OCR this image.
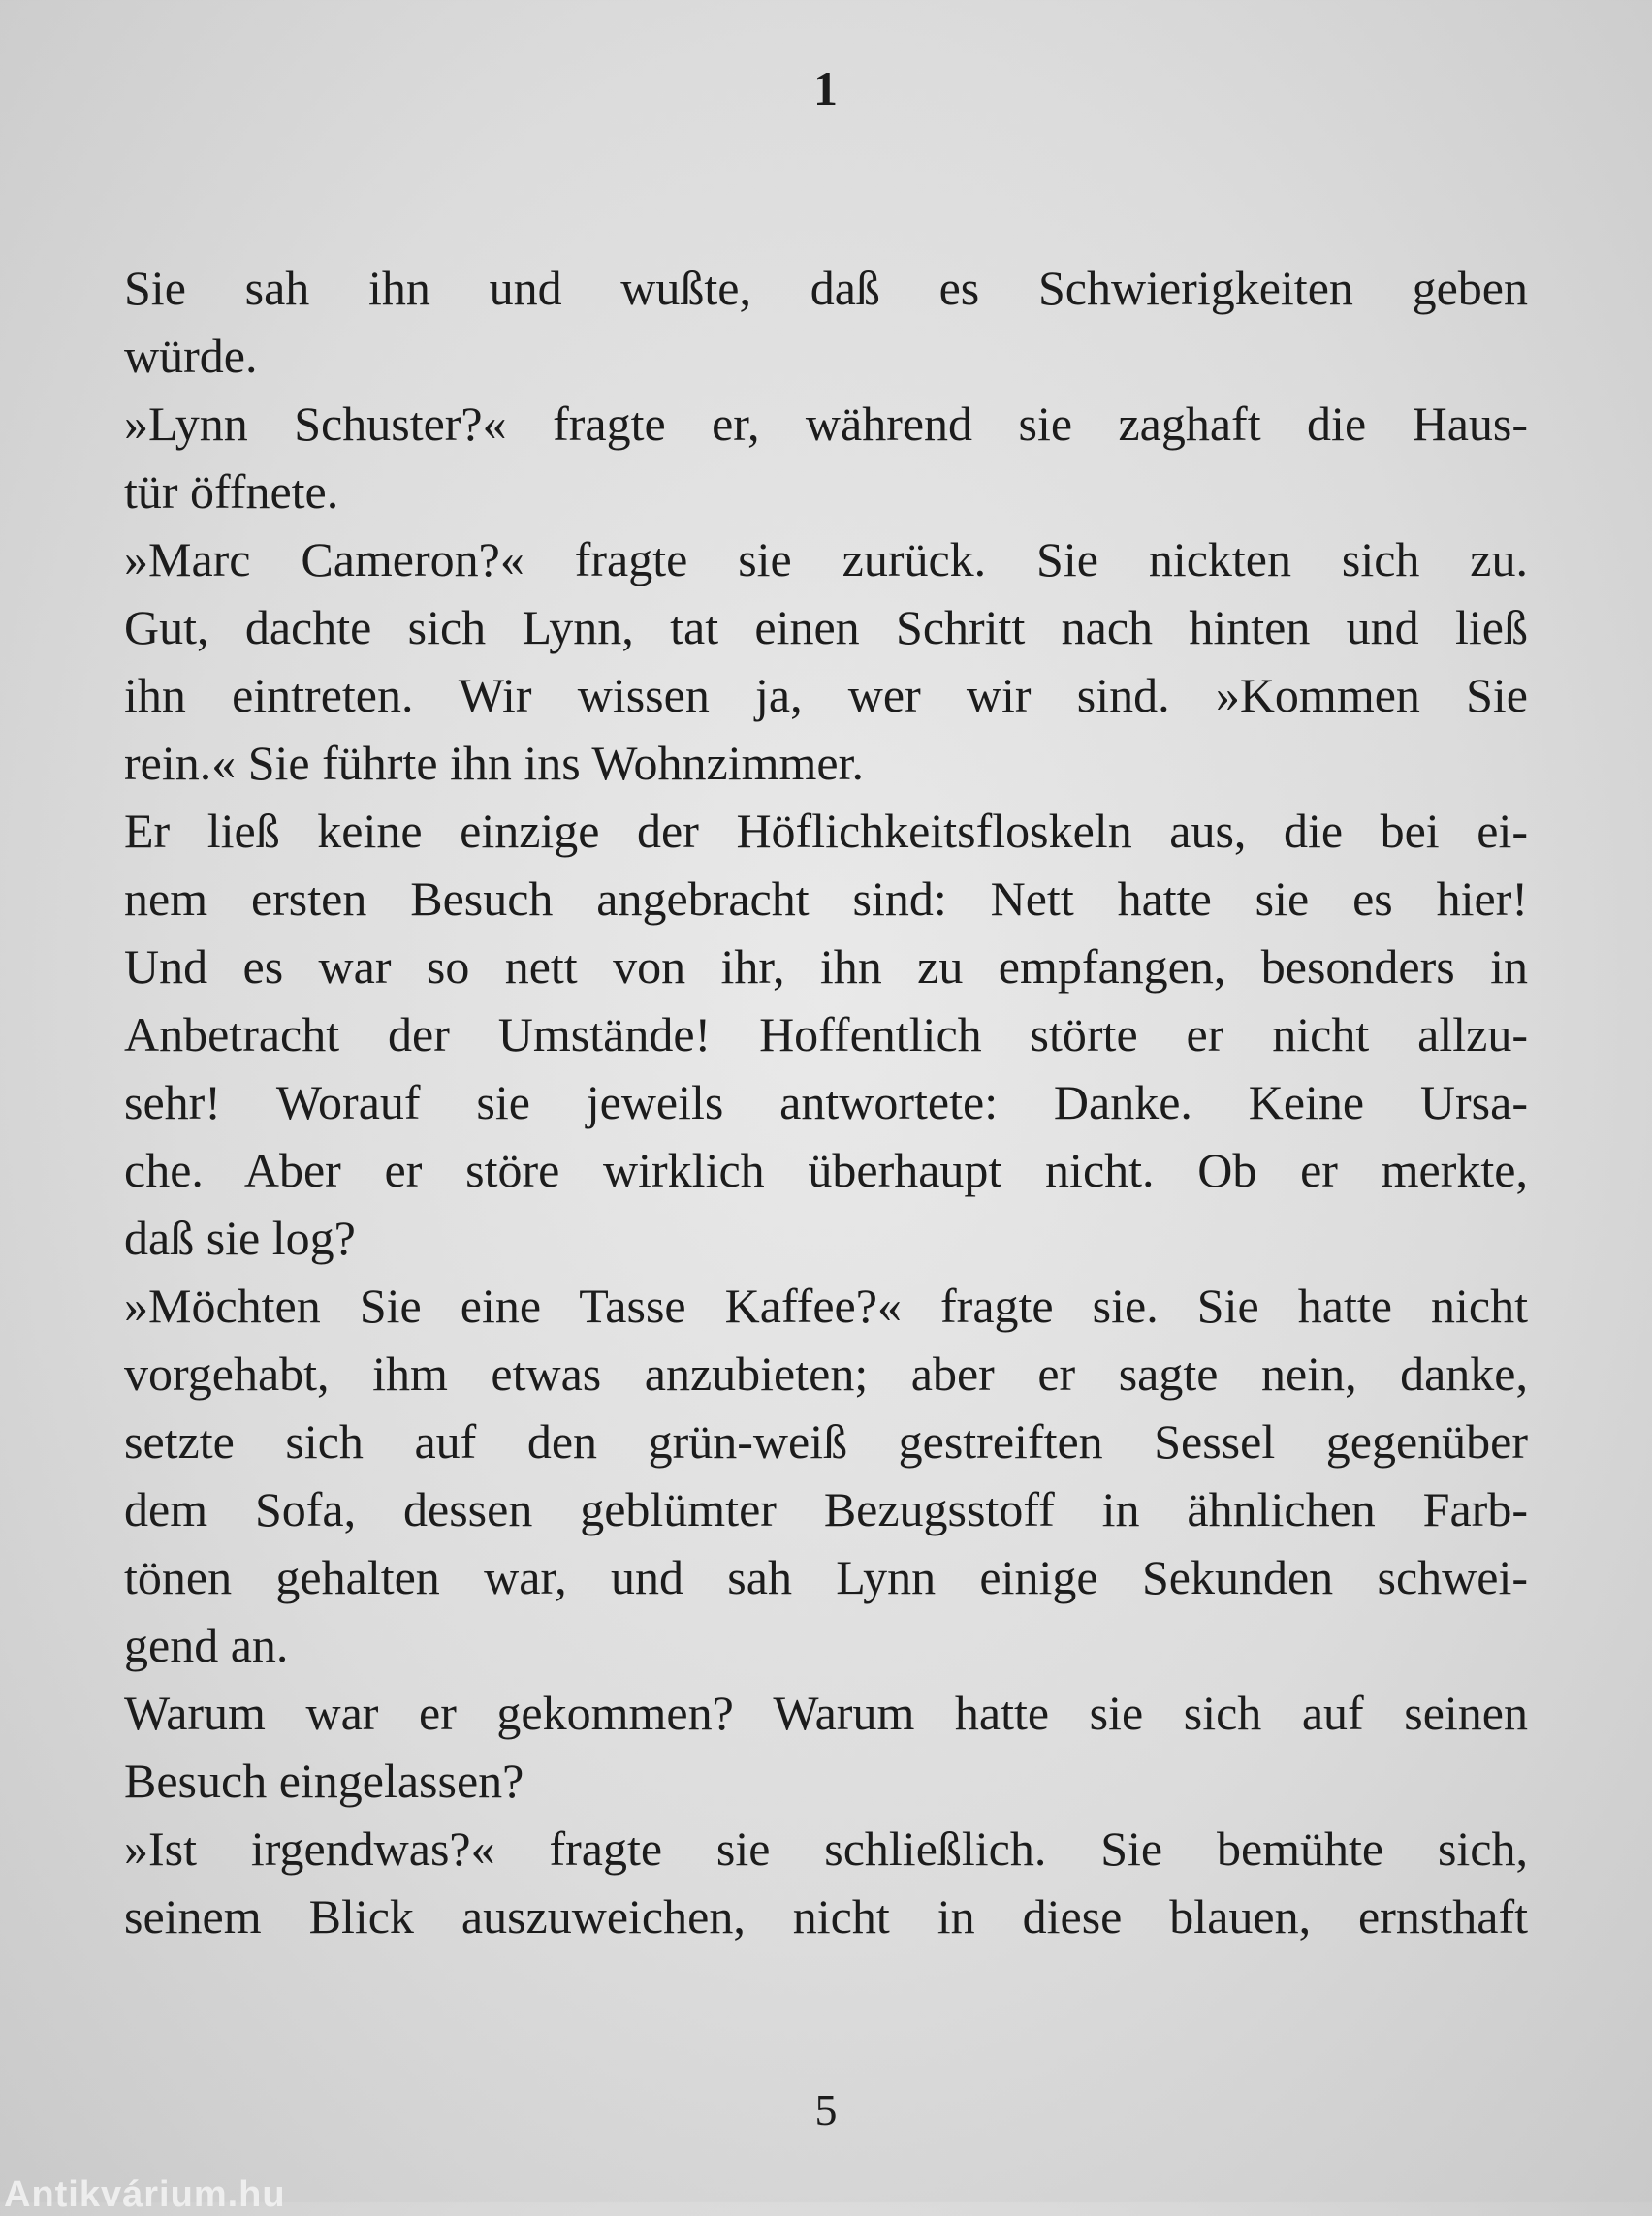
1
Sie sah ihn und wußte, daß es Schwierigkeiten geben
würde.
»Lynn Schuster?« fragte er, während sie zaghaft die Haus-
tür öffnete.
»Marc Cameron?« fragte sie zurück. Sie nickten sich zu.
Gut, dachte sich Lynn, tat einen Schritt nach hinten und ließ
ihn eintreten. Wir wissen ja, wer wir sind. »Kommen Sie
rein.« Sie führte ihn ins Wohnzimmer.
Er ließ keine einzige der Höflichkeitsfloskeln aus, die bei ei-
nem ersten Besuch angebracht sind: Nett hatte sie es hier!
Und es war so nett von ihr, ihn zu empfangen, besonders in
Anbetracht der Umstände! Hoffentlich störte er nicht allzu-
sehr! Worauf sie jeweils antwortete: Danke. Keine Ursa-
che. Aber er störe wirklich überhaupt nicht. Ob er merkte,
daß sie log?
»Möchten Sie eine Tasse Kaffee?« fragte sie. Sie hatte nicht
vorgehabt, ihm etwas anzubieten; aber er sagte nein, danke,
setzte sich auf den grün-weiß gestreiften Sessel gegenüber
dem Sofa, dessen geblümter Bezugsstoff in ähnlichen Farb-
tönen gehalten war, und sah Lynn einige Sekunden schwei-
gend an.
Warum war er gekommen? Warum hatte sie sich auf seinen
Besuch eingelassen?
»Ist irgendwas?« fragte sie schließlich. Sie bemühte sich,
seinem Blick auszuweichen, nicht in diese blauen, ernsthaft
5
Antikvárium.hu
